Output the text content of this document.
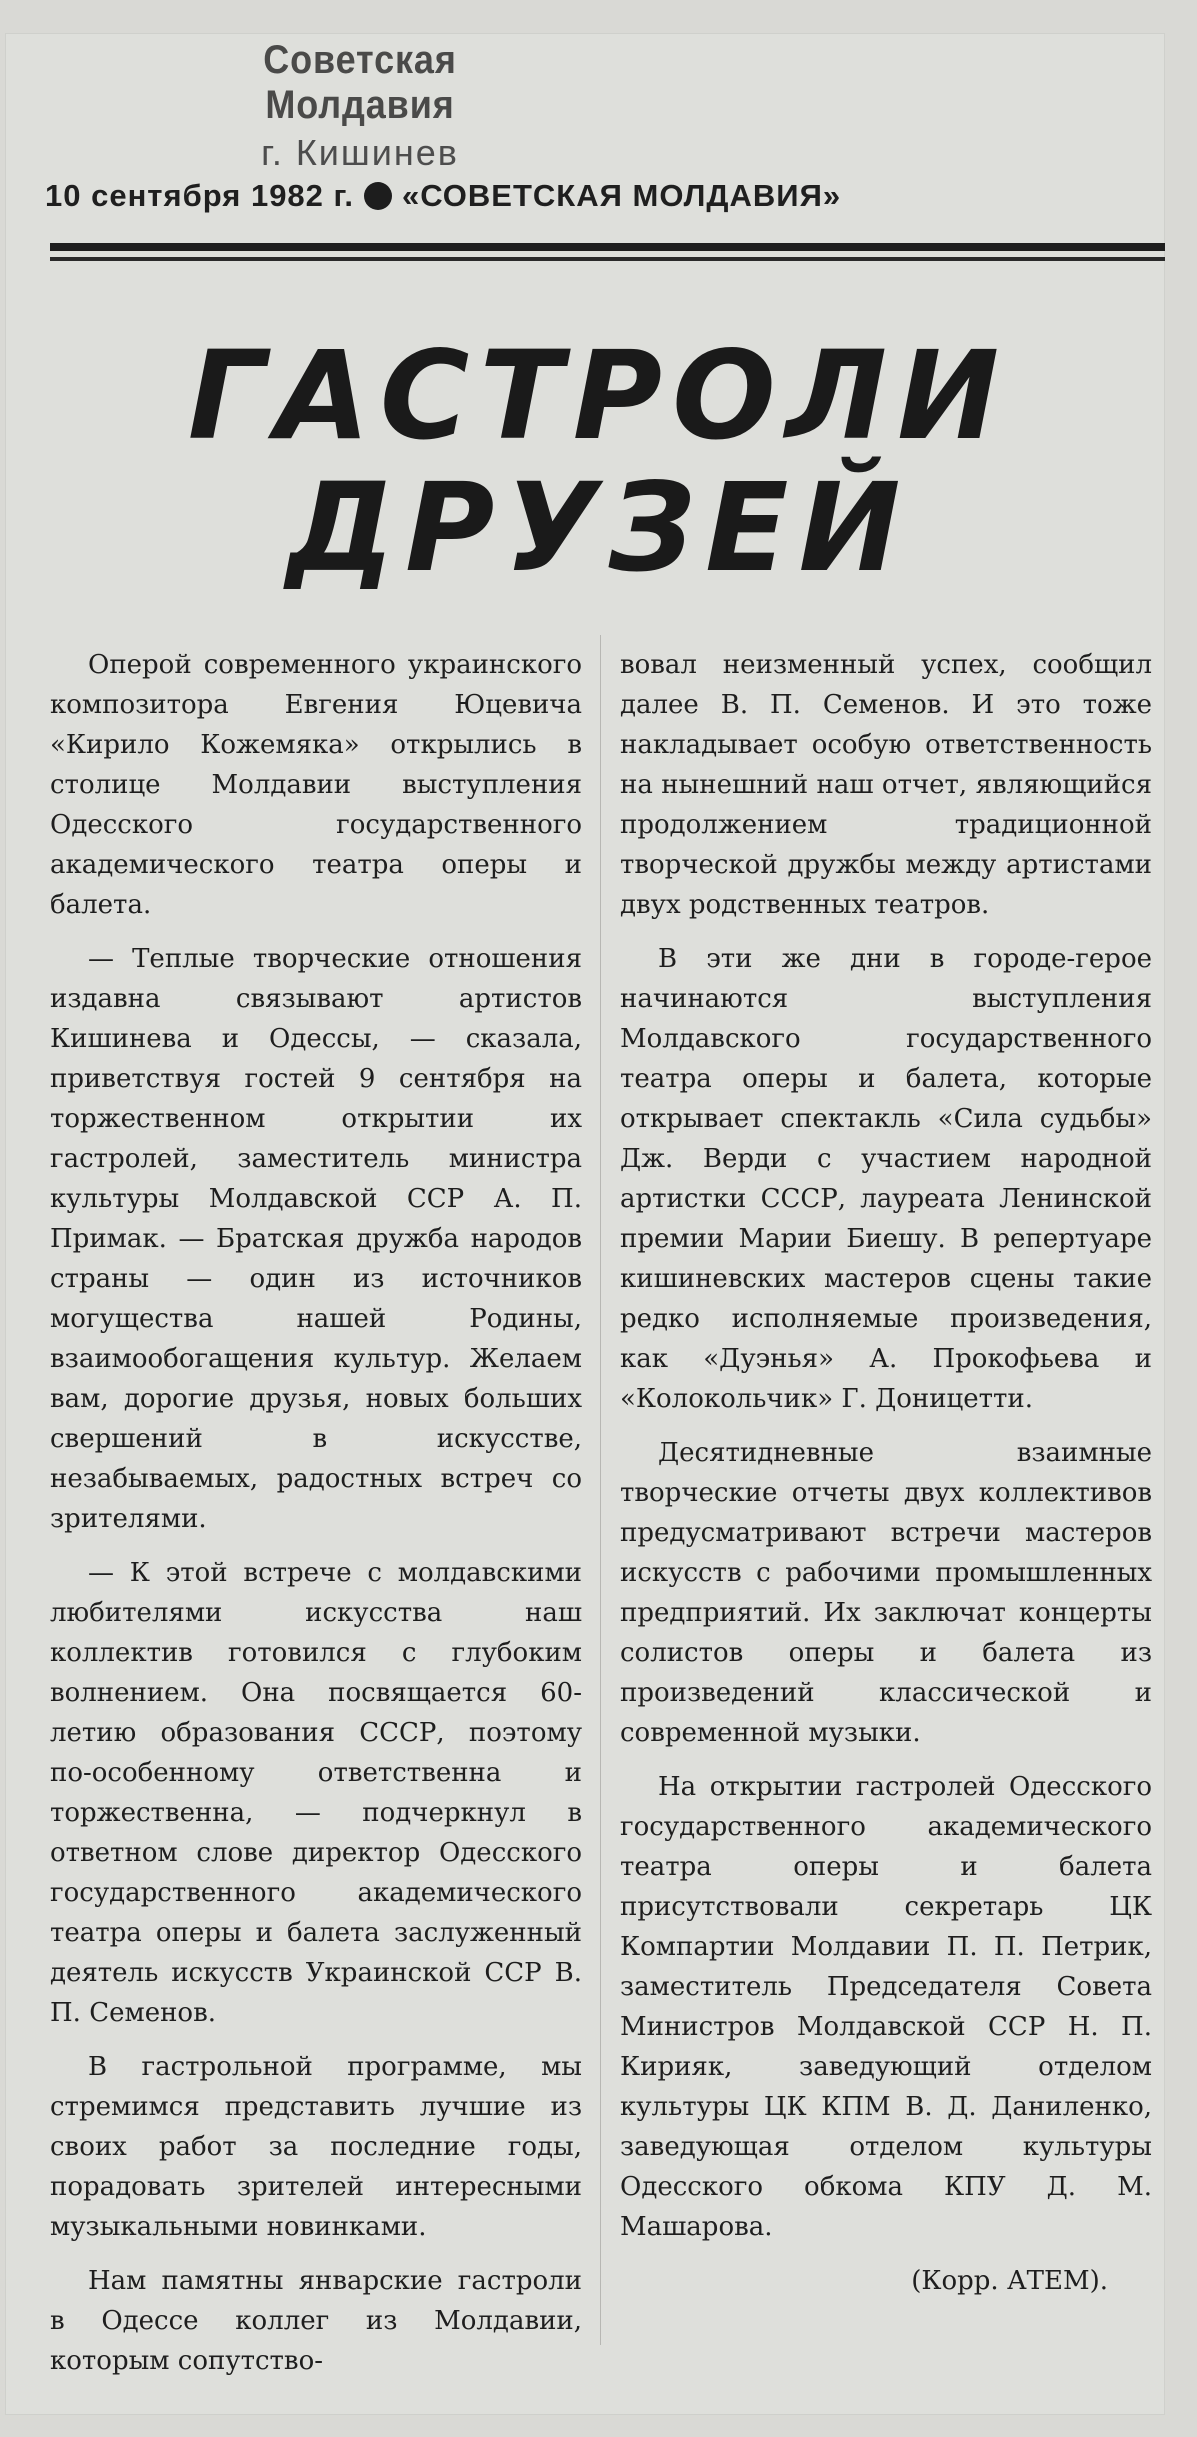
Советская Молдавия
г. Кишинев
10 сентября 1982 г. «СОВЕТСКАЯ МОЛДАВИЯ»
ГАСТРОЛИ
ДРУЗЕЙ

Оперой современного украинского композитора Евгения Юцевича «Кирило Кожемяка» открылись в столице Молдавии выступления Одесского государственного академического театра оперы и балета.

— Теплые творческие отношения издавна связывают артистов Кишинева и Одессы, — сказала, приветствуя гостей 9 сентября на торжественном открытии их гастролей, заместитель министра культуры Молдавской ССР А. П. Примак. — Братская дружба народов страны — один из источников могущества нашей Родины, взаимообогащения культур. Желаем вам, дорогие друзья, новых больших свершений в искусстве, незабываемых, радостных встреч со зрителями.

— К этой встрече с молдавскими любителями искусства наш коллектив готовился с глубоким волнением. Она посвящается 60-летию образования СССР, поэтому по-особенному ответственна и торжественна, — подчеркнул в ответном слове директор Одесского государственного академического театра оперы и балета заслуженный деятель искусств Украинской ССР В. П. Семенов.

В гастрольной программе, мы стремимся представить лучшие из своих работ за последние годы, порадовать зрителей интересными музыкальными новинками.

Нам памятны январские гастроли в Одессе коллег из Молдавии, которым сопутство-

вовал неизменный успех, сообщил далее В. П. Семенов. И это тоже накладывает особую ответственность на нынешний наш отчет, являющийся продолжением традиционной творческой дружбы между артистами двух родственных театров.

В эти же дни в городе-герое начинаются выступления Молдавского государственного театра оперы и балета, которые открывает спектакль «Сила судьбы» Дж. Верди с участием народной артистки СССР, лауреата Ленинской премии Марии Биешу. В репертуаре кишиневских мастеров сцены такие редко исполняемые произведения, как «Дуэнья» А. Прокофьева и «Колокольчик» Г. Доницетти.

Десятидневные взаимные творческие отчеты двух коллективов предусматривают встречи мастеров искусств с рабочими промышленных предприятий. Их заключат концерты солистов оперы и балета из произведений классической и современной музыки.

На открытии гастролей Одесского государственного академического театра оперы и балета присутствовали секретарь ЦК Компартии Молдавии П. П. Петрик, заместитель Председателя Совета Министров Молдавской ССР Н. П. Кирияк, заведующий отделом культуры ЦК КПМ В. Д. Даниленко, заведующая отделом культуры Одесского обкома КПУ Д. М. Машарова.

(Корр. АТЕМ).
